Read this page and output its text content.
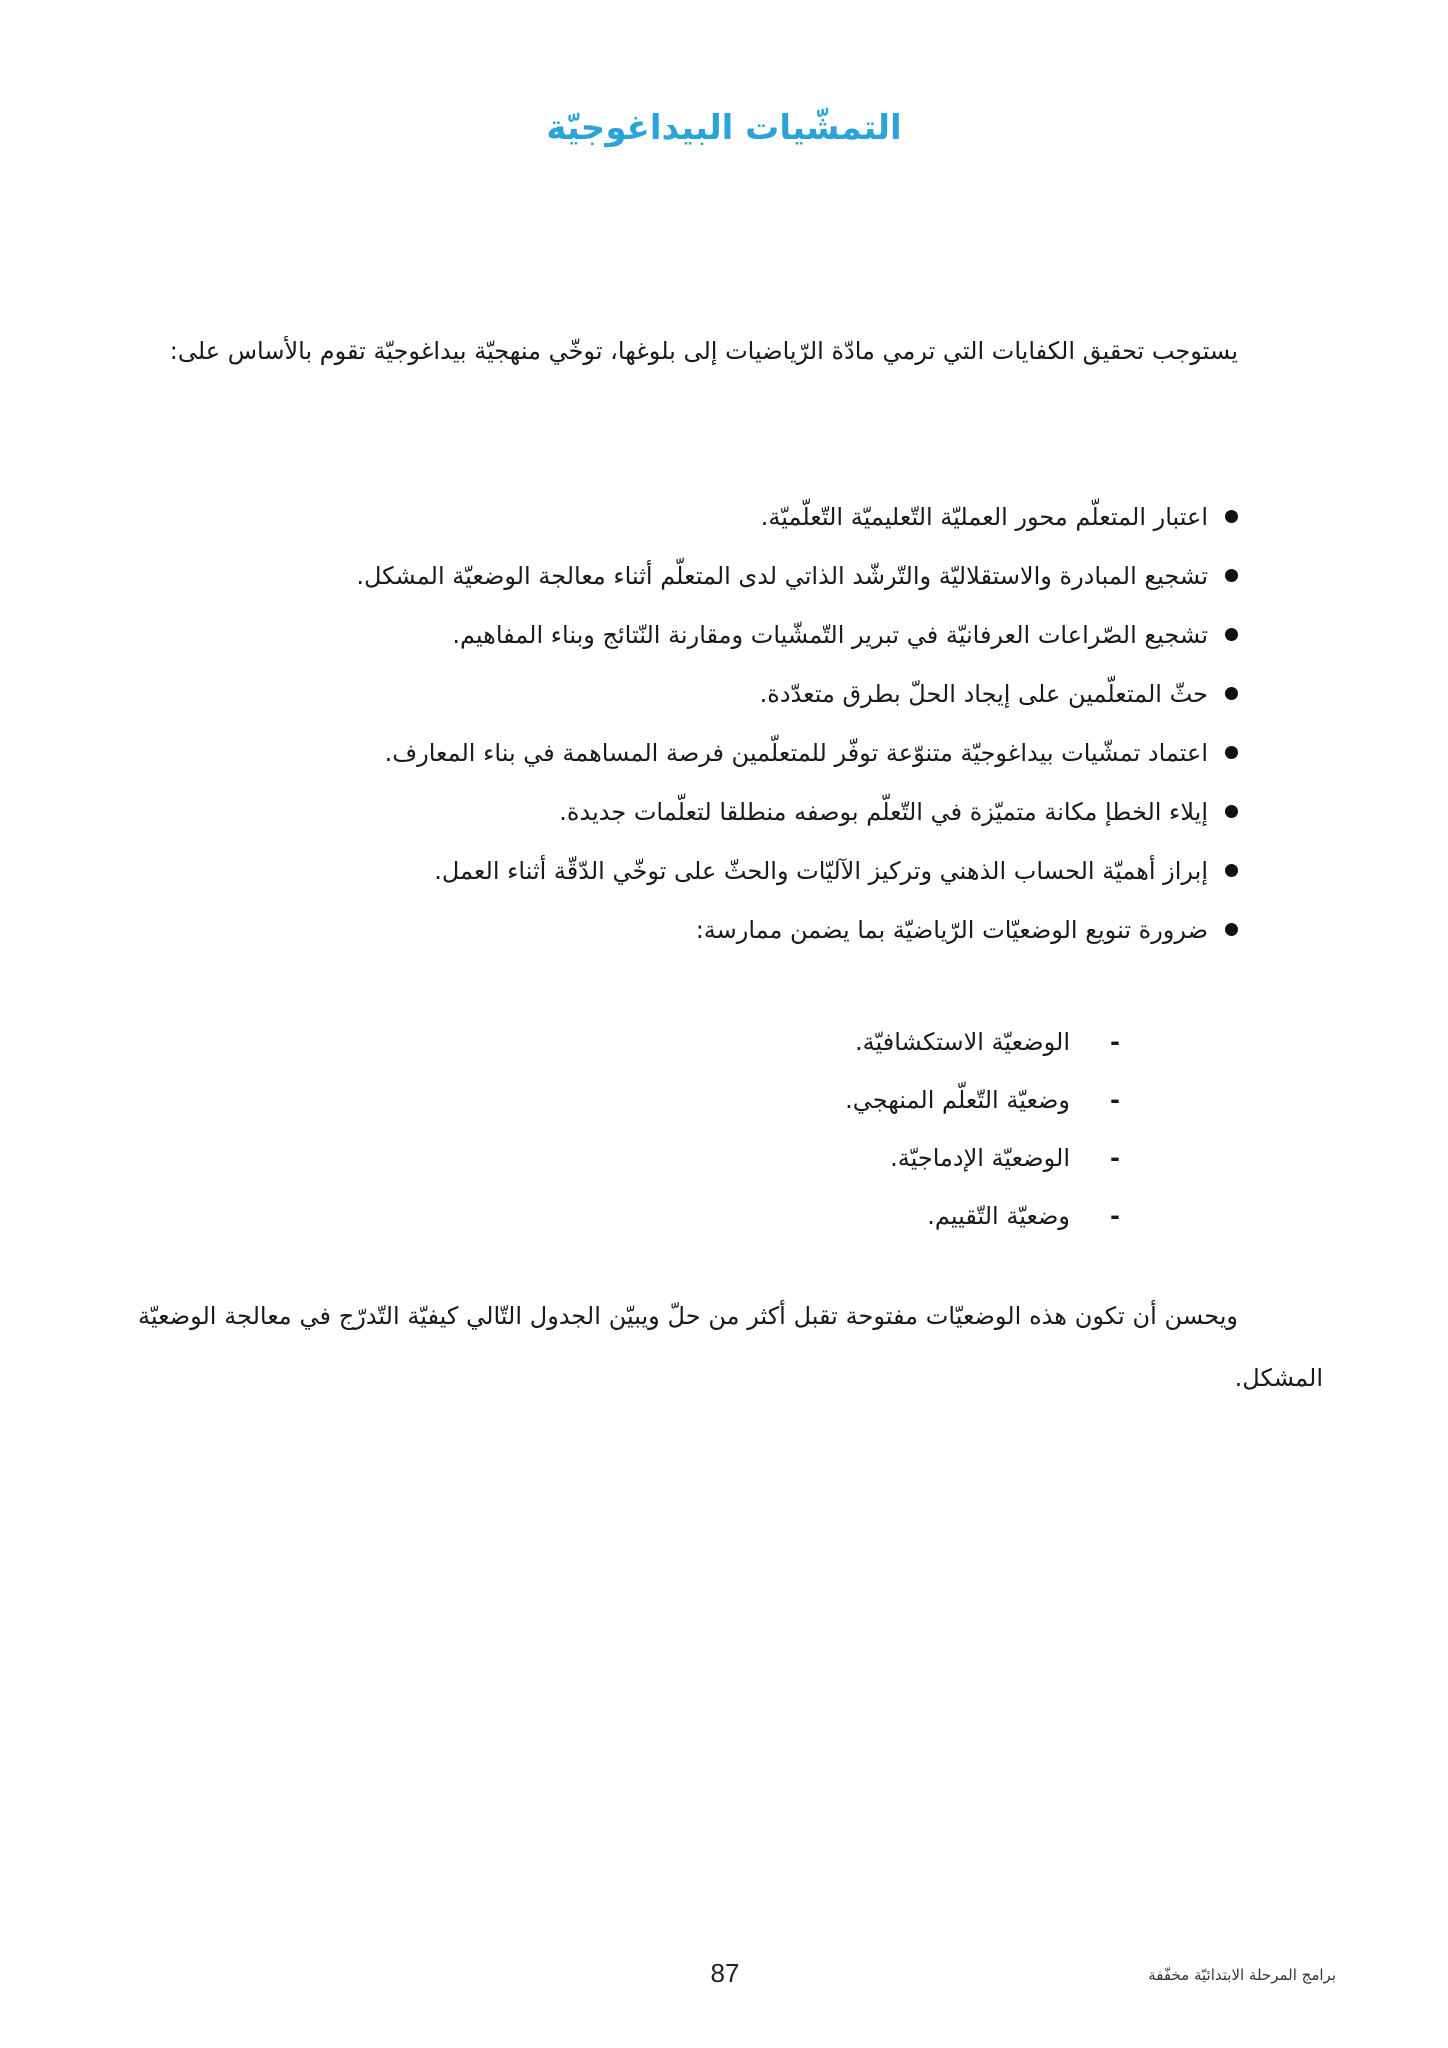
التمشّيات البيداغوجيّة

يستوجب تحقيق الكفايات التي ترمي مادّة الرّياضيات إلى بلوغها، توخّي منهجيّة بيداغوجيّة تقوم بالأساس على:

اعتبار المتعلّم محور العمليّة التّعليميّة التّعلّميّة.
تشجيع المبادرة والاستقلاليّة والتّرشّد الذاتي لدى المتعلّم أثناء معالجة الوضعيّة المشكل.
تشجيع الصّراعات العرفانيّة في تبرير التّمشّيات ومقارنة النّتائج وبناء المفاهيم.
حثّ المتعلّمين على إيجاد الحلّ بطرق متعدّدة.
اعتماد تمشّيات بيداغوجيّة متنوّعة توفّر للمتعلّمين فرصة المساهمة في بناء المعارف.
إيلاء الخطإ مكانة متميّزة في التّعلّم بوصفه منطلقا لتعلّمات جديدة.
إبراز أهميّة الحساب الذهني وتركيز الآليّات والحثّ على توخّي الدّقّة أثناء العمل.
ضرورة تنويع الوضعيّات الرّياضيّة بما يضمن ممارسة:
-
الوضعيّة الاستكشافيّة.
-
وضعيّة التّعلّم المنهجي.
-
الوضعيّة الإدماجيّة.
-
وضعيّة التّقييم.

ويحسن أن تكون هذه الوضعيّات مفتوحة تقبل أكثر من حلّ ويبيّن الجدول التّالي كيفيّة التّدرّج في معالجة الوضعيّة المشكل.

87	برامج المرحلة الابتدائيّة مخفّفة
